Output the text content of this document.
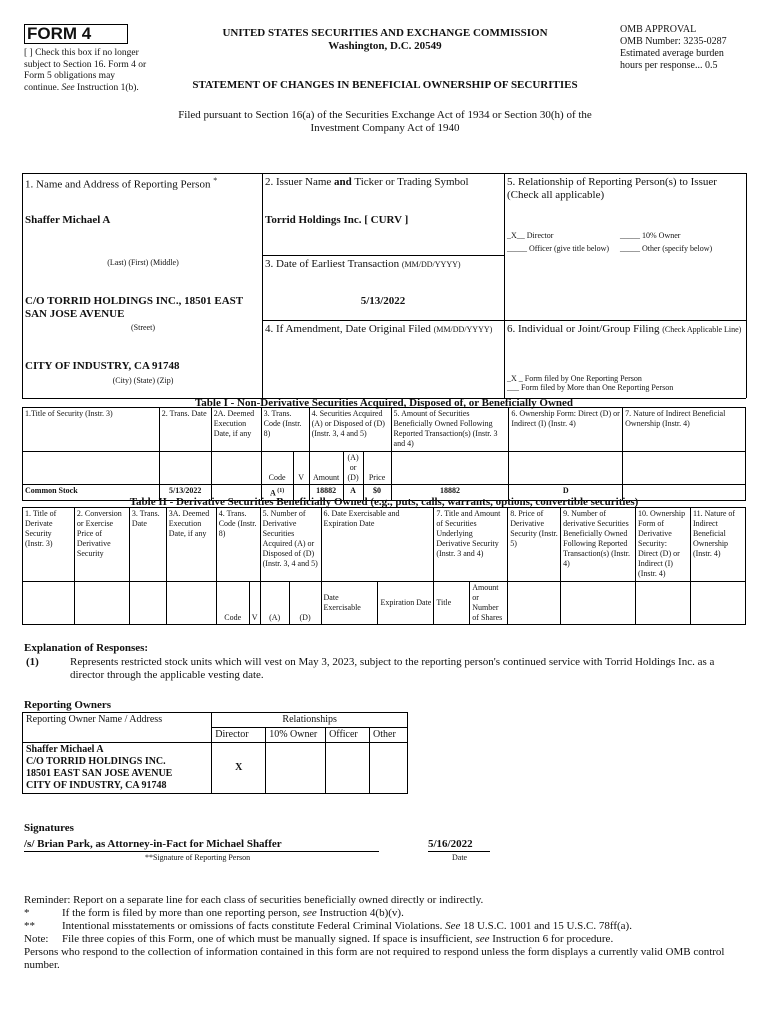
FORM 4
[ ] Check this box if no longer subject to Section 16. Form 4 or Form 5 obligations may continue. See Instruction 1(b).
UNITED STATES SECURITIES AND EXCHANGE COMMISSION
Washington, D.C. 20549
STATEMENT OF CHANGES IN BENEFICIAL OWNERSHIP OF SECURITIES
OMB APPROVAL
OMB Number: 3235-0287
Estimated average burden
hours per response... 0.5
Filed pursuant to Section 16(a) of the Securities Exchange Act of 1934 or Section 30(h) of the
Investment Company Act of 1940
1. Name and Address of Reporting Person *
Shaffer Michael A
(Last) (First) (Middle)
C/O TORRID HOLDINGS INC., 18501 EAST SAN JOSE AVENUE
(Street)
CITY OF INDUSTRY, CA 91748
(City) (State) (Zip)
2. Issuer Name and Ticker or Trading Symbol
Torrid Holdings Inc. [ CURV ]
3. Date of Earliest Transaction (MM/DD/YYYY)
5/13/2022
4. If Amendment, Date Original Filed (MM/DD/YYYY)
5. Relationship of Reporting Person(s) to Issuer (Check all applicable)
_X__ Director	_____ 10% Owner
_____ Officer (give title below) _____ Other (specify below)
6. Individual or Joint/Group Filing (Check Applicable Line)
_X _ Form filed by One Reporting Person
___ Form filed by More than One Reporting Person
Table I - Non-Derivative Securities Acquired, Disposed of, or Beneficially Owned
1.Title of Security (Instr. 3)	2. Trans. Date	2A. Deemed Execution Date, if any	3. Trans. Code (Instr. 8)		4. Securities Acquired (A) or Disposed of (D) (Instr. 3, 4 and 5)			5. Amount of Securities Beneficially Owned Following Reported Transaction(s) (Instr. 3 and 4)	6. Ownership Form: Direct (D) or Indirect (I) (Instr. 4)	7. Nature of Indirect Beneficial Ownership (Instr. 4)
			Code	V	Amount	(A) or (D)	Price			
Common Stock	5/13/2022		A $^{(1)}$		18882	A	$0	18882	D	
Table II - Derivative Securities Beneficially Owned (e.g., puts, calls, warrants, options, convertible securities)
1. Title of Derivate Security (Instr. 3)	2. Conversion or Exercise Price of Derivative Security	3. Trans. Date	3A. Deemed Execution Date, if any	4. Trans. Code (Instr. 8)		5. Number of Derivative Securities Acquired (A) or Disposed of (D) (Instr. 3, 4 and 5)		6. Date Exercisable and Expiration Date		7. Title and Amount of Securities Underlying Derivative Security (Instr. 3 and 4)		8. Price of Derivative Security (Instr. 5)	9. Number of derivative Securities Beneficially Owned Following Reported Transaction(s) (Instr. 4)	10. Ownership Form of Derivative Security: Direct (D) or Indirect (I) (Instr. 4)	11. Nature of Indirect Beneficial Ownership (Instr. 4)
				Code	V	(A)	(D)	Date Exercisable	Expiration Date	Title	Amount or Number of Shares				
Explanation of Responses:
(1)	Represents restricted stock units which will vest on May 3, 2023, subject to the reporting person's continued service with Torrid Holdings Inc. as a director through the applicable vesting date.
Reporting Owners
Reporting Owner Name / Address	Relationships			
	Director	10% Owner	Officer	Other

Shaffer Michael A
C/O TORRID HOLDINGS INC.
18501 EAST SAN JOSE AVENUE
CITY OF INDUSTRY, CA 91748	X			
Signatures
/s/ Brian Park, as Attorney-in-Fact for Michael Shaffer	5/16/2022
**Signature of Reporting Person	Date
Reminder: Report on a separate line for each class of securities beneficially owned directly or indirectly.
*	If the form is filed by more than one reporting person, see Instruction 4(b)(v).
** Intentional misstatements or omissions of facts constitute Federal Criminal Violations. See 18 U.S.C. 1001 and 15 U.S.C. 78ff(a).
Note: File three copies of this Form, one of which must be manually signed. If space is insufficient, see Instruction 6 for procedure.
Persons who respond to the collection of information contained in this form are not required to respond unless the form displays a currently valid OMB control number.
